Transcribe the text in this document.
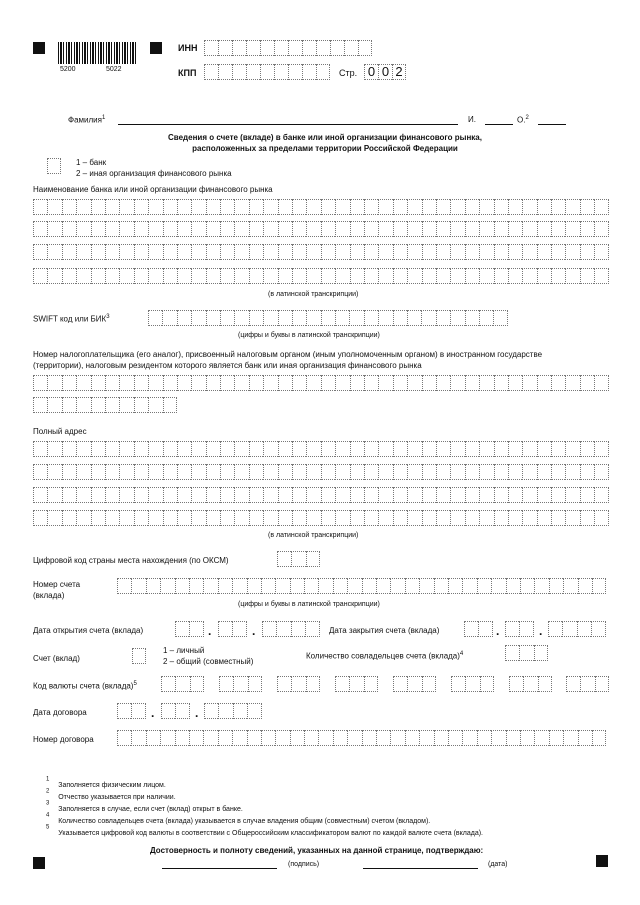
5200	5022
ИНН
КПП	Стр. 0 0 2
Фамилия$^1$	И.	О.$^2$
Сведения о счете (вкладе) в банке или иной организации финансового рынка,
расположенных за пределами территории Российской Федерации
1 – банк
2 – иная организация финансового рынка
Наименование банка или иной организации финансового рынка
(в латинской транскрипции)
SWIFT код или БИК$^3$
(цифры и буквы в латинской транскрипции)
Номер налогоплательщика (его аналог), присвоенный налоговым органом (иным уполномоченным органом) в иностранном государстве
(территории), налоговым резидентом которого является банк или иная организация финансового рынка
Полный адрес
(в латинской транскрипции)
Цифровой код страны места нахождения (по ОКСМ)
Номер счета
(вклада)
(цифры и буквы в латинской транскрипции)
Дата открытия счета (вклада)	.	.	Дата закрытия счета (вклада)	.	.
Счет (вклад)
1 – личный
2 – общий (совместный)
Количество совладельцев счета (вклада)$^4$
Код валюты счета (вклада)$^5$
Дата договора	.	.
Номер договора
$^1$  Заполняется физическим лицом.
$^2$  Отчество указывается при наличии.
$^3$  Заполняется в случае, если счет (вклад) открыт в банке.
$^4$  Количество совладельцев счета (вклада) указывается в случае владения общим (совместным) счетом (вкладом).
$^5$  Указывается цифровой код валюты в соответствии с Общероссийским классификатором валют по каждой валюте счета (вклада).
Достоверность и полноту сведений, указанных на данной странице, подтверждаю:
(подпись)	(дата)
